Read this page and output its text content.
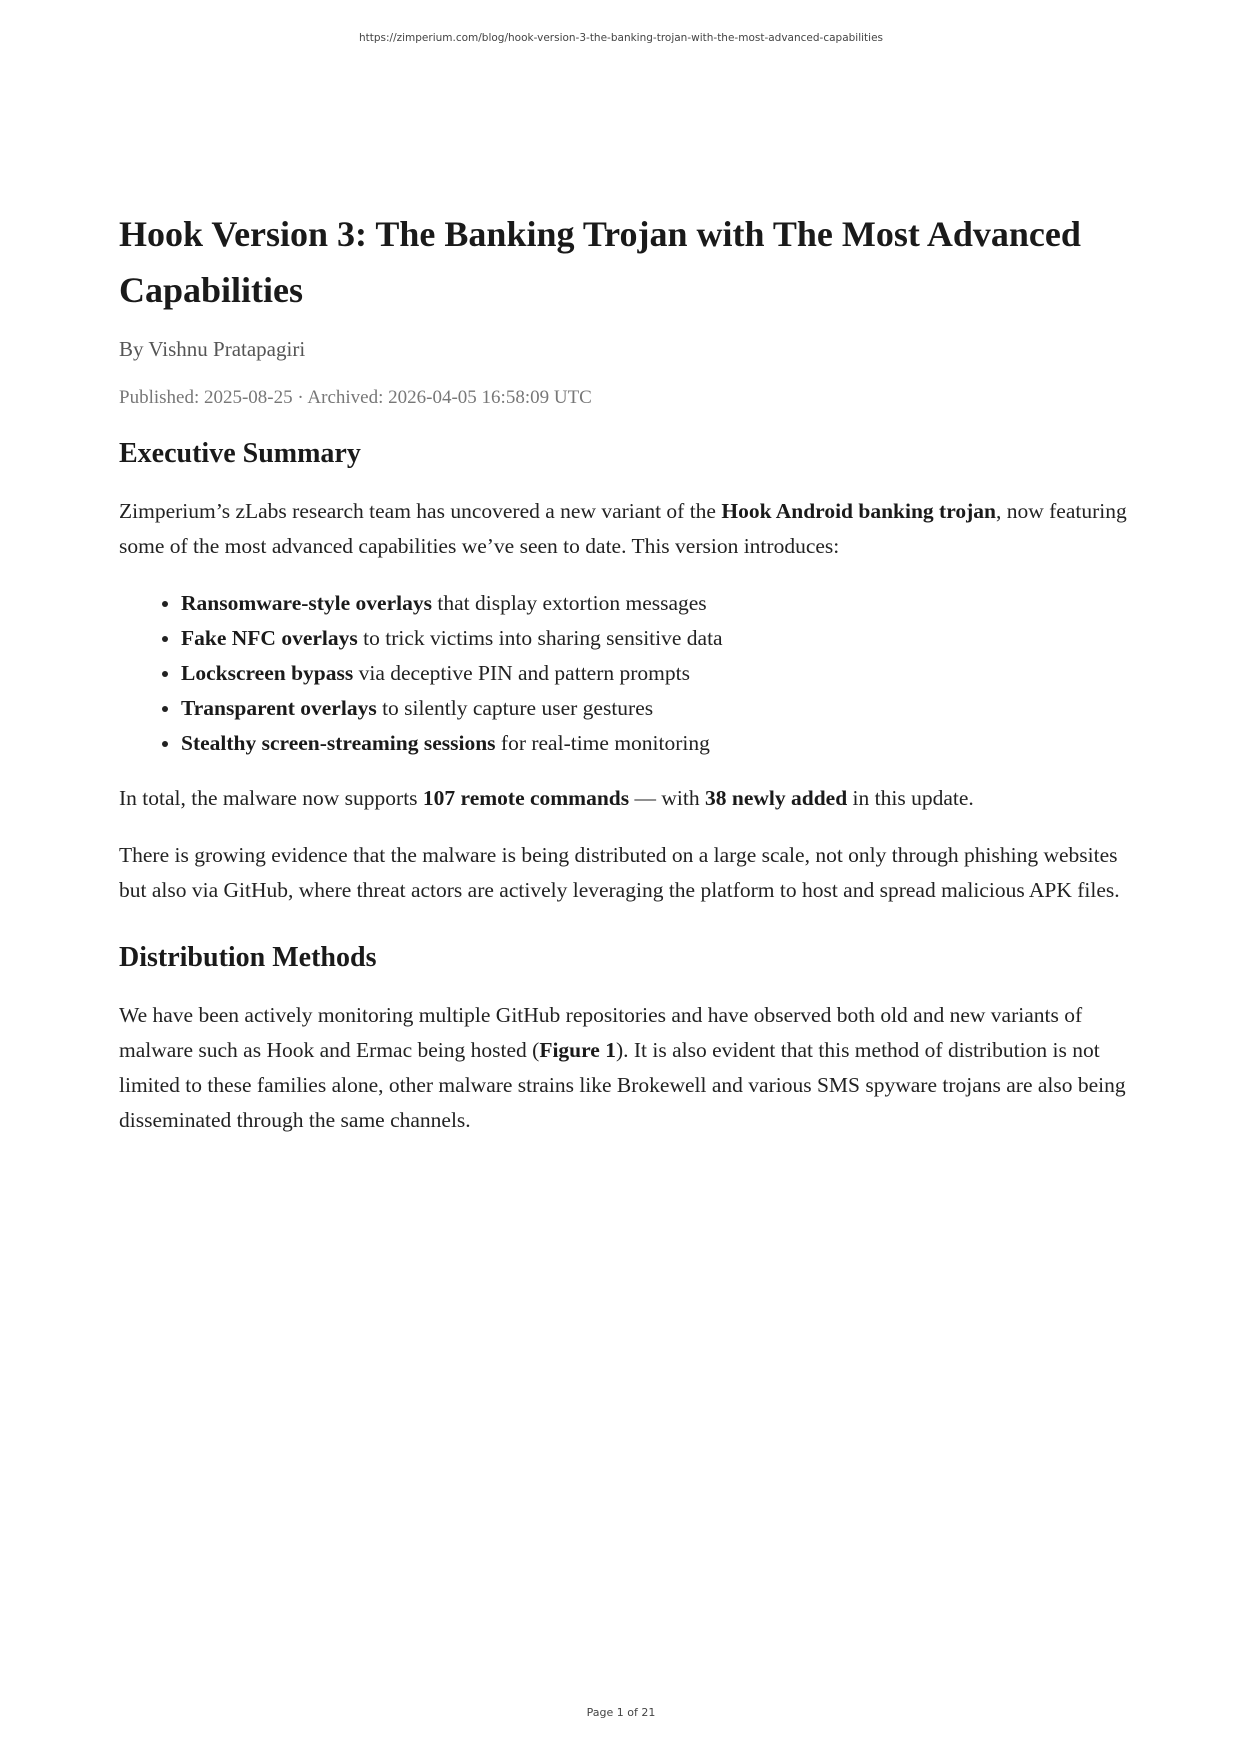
https://zimperium.com/blog/hook-version-3-the-banking-trojan-with-the-most-advanced-capabilities
Hook Version 3: The Banking Trojan with The Most Advanced Capabilities
By Vishnu Pratapagiri
Published: 2025-08-25 · Archived: 2026-04-05 16:58:09 UTC
Executive Summary

Zimperium’s zLabs research team has uncovered a new variant of the Hook Android banking trojan, now featuring some of the most advanced capabilities we’ve seen to date. This version introduces:

• Ransomware-style overlays that display extortion messages
• Fake NFC overlays to trick victims into sharing sensitive data
• Lockscreen bypass via deceptive PIN and pattern prompts
• Transparent overlays to silently capture user gestures
• Stealthy screen-streaming sessions for real-time monitoring

In total, the malware now supports 107 remote commands — with 38 newly added in this update.

There is growing evidence that the malware is being distributed on a large scale, not only through phishing websites but also via GitHub, where threat actors are actively leveraging the platform to host and spread malicious APK files.

Distribution Methods

We have been actively monitoring multiple GitHub repositories and have observed both old and new variants of malware such as Hook and Ermac being hosted (Figure 1). It is also evident that this method of distribution is not limited to these families alone, other malware strains like Brokewell and various SMS spyware trojans are also being disseminated through the same channels.

Page 1 of 21
